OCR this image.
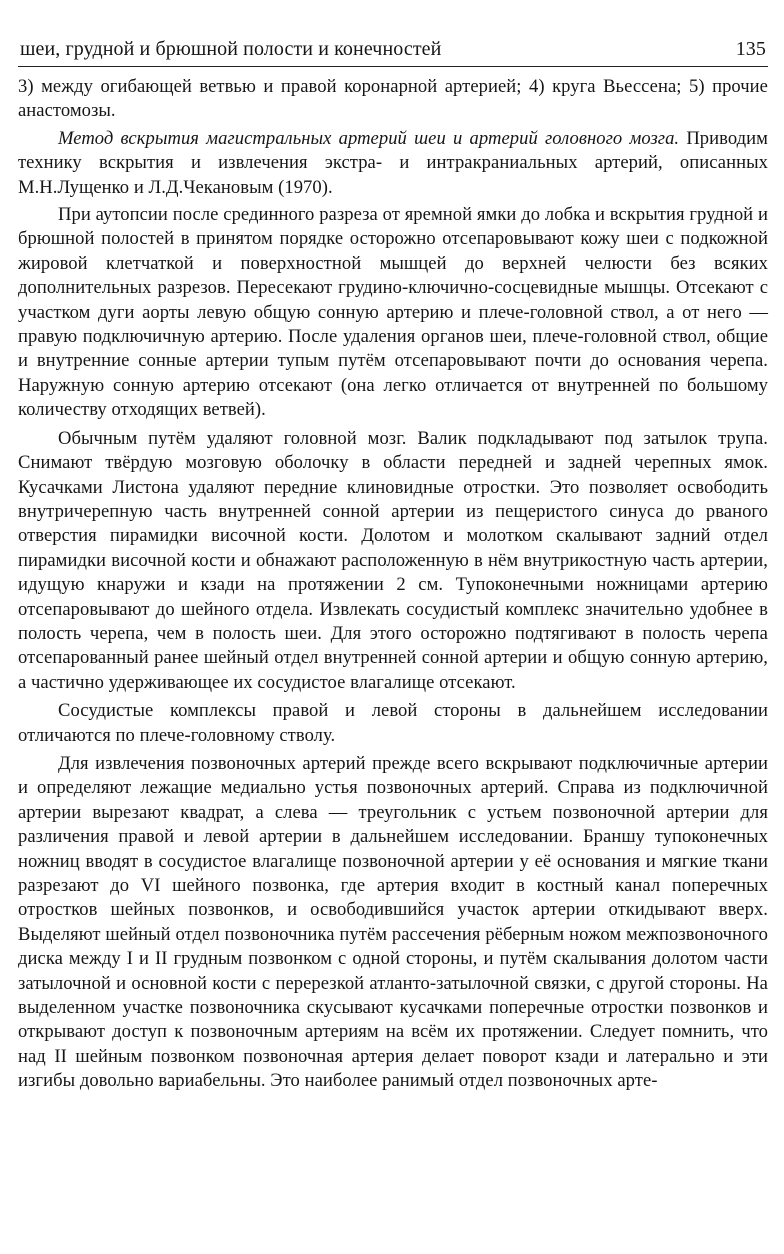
шеи, грудной и брюшной полости и конечностей	135

3) между огибающей ветвью и правой коронарной артерией; 4) круга Вьессена; 5) прочие анастомозы.

Метод вскрытия магистральных артерий шеи и артерий головного мозга. Приводим технику вскрытия и извлечения экстра- и интракраниальных артерий, описанных М.Н.Лущенко и Л.Д.Чекановым (1970).

При аутопсии после срединного разреза от яремной ямки до лобка и вскрытия грудной и брюшной полостей в принятом порядке осторожно отсепаровывают кожу шеи с подкожной жировой клетчаткой и поверхностной мышцей до верхней челюсти без всяких дополнительных разрезов. Пересекают грудино-ключично-сосцевидные мышцы. Отсекают с участком дуги аорты левую общую сонную артерию и плече-головной ствол, а от него — правую подключичную артерию. После удаления органов шеи, плече-головной ствол, общие и внутренние сонные артерии тупым путём отсепаровывают почти до основания черепа. Наружную сонную артерию отсекают (она легко отличается от внутренней по большому количеству отходящих ветвей).

Обычным путём удаляют головной мозг. Валик подкладывают под затылок трупа. Снимают твёрдую мозговую оболочку в области передней и задней черепных ямок. Кусачками Листона удаляют передние клиновидные отростки. Это позволяет освободить внутричерепную часть внутренней сонной артерии из пещеристого синуса до рваного отверстия пирамидки височной кости. Долотом и молотком скалывают задний отдел пирамидки височной кости и обнажают расположенную в нём внутрикостную часть артерии, идущую кнаружи и кзади на протяжении 2 см. Тупоконечными ножницами артерию отсепаровывают до шейного отдела. Извлекать сосудистый комплекс значительно удобнее в полость черепа, чем в полость шеи. Для этого осторожно подтягивают в полость черепа отсепарованный ранее шейный отдел внутренней сонной артерии и общую сонную артерию, а частично удерживающее их сосудистое влагалище отсекают.

Сосудистые комплексы правой и левой стороны в дальнейшем исследовании отличаются по плече-головному стволу.

Для извлечения позвоночных артерий прежде всего вскрывают подключичные артерии и определяют лежащие медиально устья позвоночных артерий. Справа из подключичной артерии вырезают квадрат, а слева — треугольник с устьем позвоночной артерии для различения правой и левой артерии в дальнейшем исследовании. Браншу тупоконечных ножниц вводят в сосудистое влагалище позвоночной артерии у её основания и мягкие ткани разрезают до VI шейного позвонка, где артерия входит в костный канал поперечных отростков шейных позвонков, и освободившийся участок артерии откидывают вверх. Выделяют шейный отдел позвоночника путём рассечения рёберным ножом межпозвоночного диска между I и II грудным позвонком с одной стороны, и путём скалывания долотом части затылочной и основной кости с перерезкой атланто-затылочной связки, с другой стороны. На выделенном участке позвоночника скусывают кусачками поперечные отростки позвонков и открывают доступ к позвоночным артериям на всём их протяжении. Следует помнить, что над II шейным позвонком позвоночная артерия делает поворот кзади и латерально и эти изгибы довольно вариабельны. Это наиболее ранимый отдел позвоночных арте-
